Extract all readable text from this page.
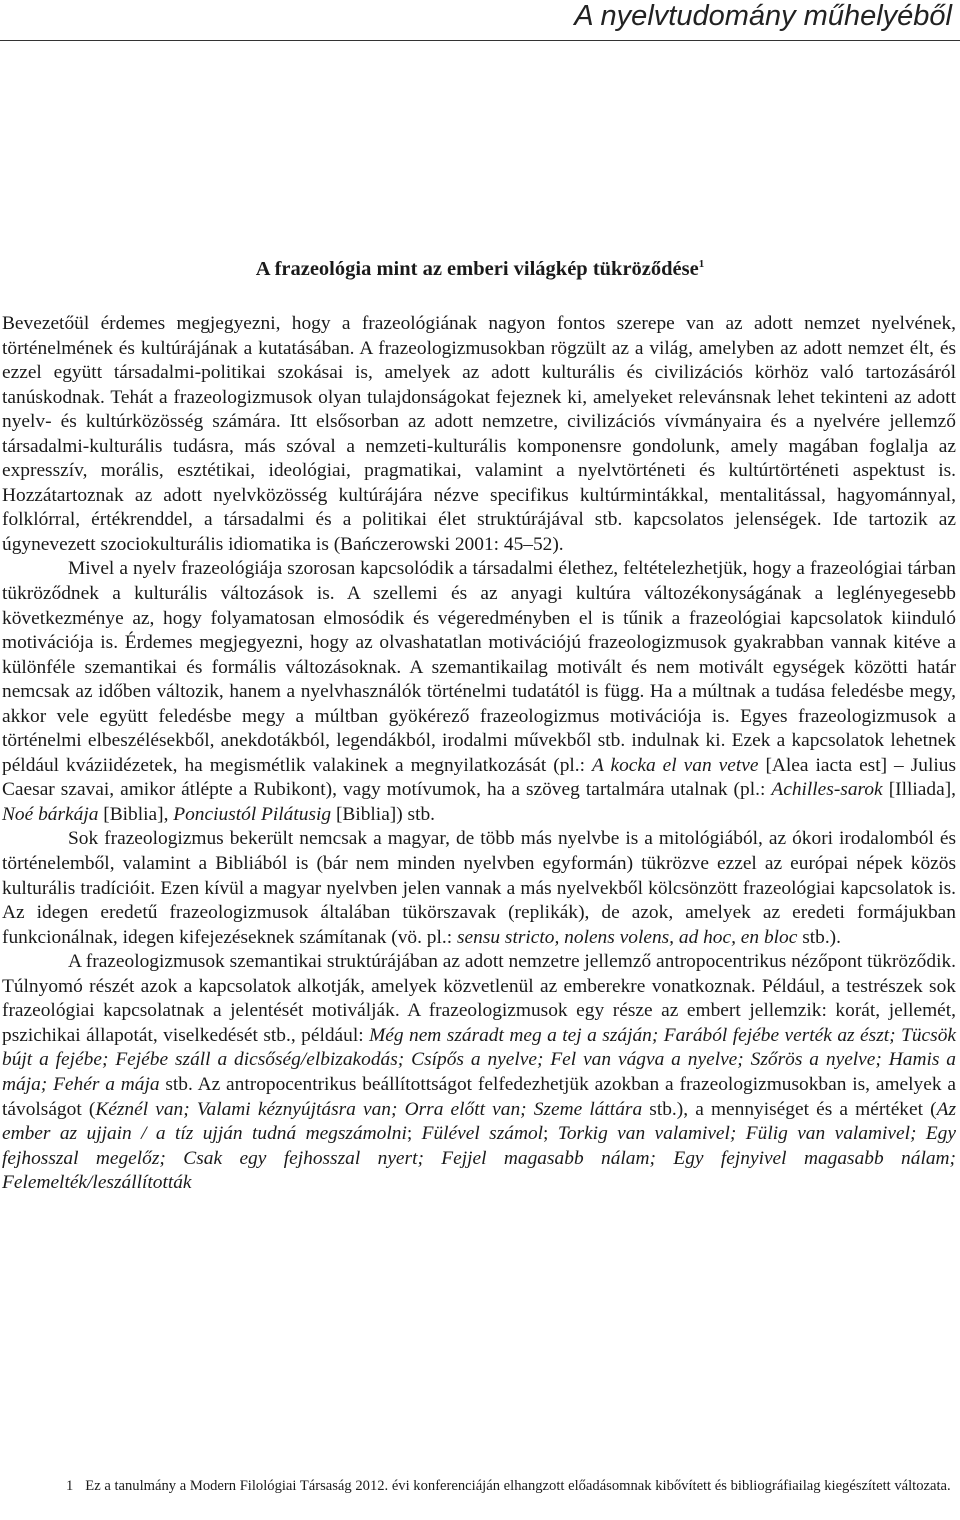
A nyelvtudomány műhelyéből
A frazeológia mint az emberi világkép tükröződése$^1$

Bevezetőül érdemes megjegyezni, hogy a frazeológiának nagyon fontos szerepe van az adott nemzet nyelvének, történelmének és kultúrájának a kutatásában. A frazeologizmusokban rögzült az a világ, amelyben az adott nemzet élt, és ezzel együtt társadalmi-politikai szokásai is, amelyek az adott kulturális és civilizációs körhöz való tartozásáról tanúskodnak. Tehát a frazeologizmusok olyan tulajdonságokat fejeznek ki, amelyeket relevánsnak lehet tekinteni az adott nyelv- és kultúrközösség számára. Itt elsősorban az adott nemzetre, civilizációs vívmányaira és a nyelvére jellemző társadalmi-kulturális tudásra, más szóval a nemzeti-kulturális komponensre gondolunk, amely magában foglalja az expresszív, morális, esztétikai, ideológiai, pragmatikai, valamint a nyelvtörténeti és kultúrtörténeti aspektust is. Hozzátartoznak az adott nyelvközösség kultúrájára nézve specifikus kultúrmintákkal, mentalitással, hagyománnyal, folklórral, értékrenddel, a társadalmi és a politikai élet struktúrájával stb. kapcsolatos jelenségek. Ide tartozik az úgynevezett szociokulturális idiomatika is (Bańczerowski 2001: 45–52).

Mivel a nyelv frazeológiája szorosan kapcsolódik a társadalmi élethez, feltételezhetjük, hogy a frazeológiai tárban tükröződnek a kulturális változások is. A szellemi és az anyagi kultúra változékonyságának a leglényegesebb következménye az, hogy folyamatosan elmosódik és végeredményben el is tűnik a frazeológiai kapcsolatok kiinduló motivációja is. Érdemes megjegyezni, hogy az olvashatatlan motivációjú frazeologizmusok gyakrabban vannak kitéve a különféle szemantikai és formális változásoknak. A szemantikailag motivált és nem motivált egységek közötti határ nemcsak az időben változik, hanem a nyelvhasználók történelmi tudatától is függ. Ha a múltnak a tudása feledésbe megy, akkor vele együtt feledésbe megy a múltban gyökérező frazeologizmus motivációja is. Egyes frazeologizmusok a történelmi elbeszélésekből, anekdotákból, legendákból, irodalmi művekből stb. indulnak ki. Ezek a kapcsolatok lehetnek például kváziidézetek, ha megismétlik valakinek a megnyilatkozását (pl.: A kocka el van vetve [Alea iacta est] – Julius Caesar szavai, amikor átlépte a Rubikont), vagy motívumok, ha a szöveg tartalmára utalnak (pl.: Achilles-sarok [Illiada], Noé bárkája [Biblia], Ponciustól Pilátusig [Biblia]) stb.

Sok frazeologizmus bekerült nemcsak a magyar, de több más nyelvbe is a mitológiából, az ókori irodalomból és történelemből, valamint a Bibliából is (bár nem minden nyelvben egyformán) tükrözve ezzel az európai népek közös kulturális tradícióit. Ezen kívül a magyar nyelvben jelen vannak a más nyelvekből kölcsönzött frazeológiai kapcsolatok is. Az idegen eredetű frazeologizmusok általában tükörszavak (replikák), de azok, amelyek az eredeti formájukban funkcionálnak, idegen kifejezéseknek számítanak (vö. pl.: sensu stricto, nolens volens, ad hoc, en bloc stb.).

A frazeologizmusok szemantikai struktúrájában az adott nemzetre jellemző antropocentrikus nézőpont tükröződik. Túlnyomó részét azok a kapcsolatok alkotják, amelyek közvetlenül az emberekre vonatkoznak. Például, a testrészek sok frazeológiai kapcsolatnak a jelentését motiválják. A frazeologizmusok egy része az embert jellemzik: korát, jellemét, pszichikai állapotát, viselkedését stb., például: Még nem száradt meg a tej a száján; Farából fejébe verték az észt; Tücsök bújt a fejébe; Fejébe száll a dicsőség/elbizakodás; Csípős a nyelve; Fel van vágva a nyelve; Szőrös a nyelve; Hamis a mája; Fehér a mája stb. Az antropocentrikus beállítottságot felfedezhetjük azokban a frazeologizmusokban is, amelyek a távolságot (Kéznél van; Valami kéznyújtásra van; Orra előtt van; Szeme láttára stb.), a mennyiséget és a mértéket (Az ember az ujjain / a tíz ujján tudná megszámolni; Fülével számol; Torkig van valamivel; Fülig van valamivel; Egy fejhosszal megelőz; Csak egy fejhosszal nyert; Fejjel magasabb nálam; Egy fejnyivel magasabb nálam; Felemelték/leszállították

1 Ez a tanulmány a Modern Filológiai Társaság 2012. évi konferenciáján elhangzott előadásomnak kibővített és bibliográfiailag kiegészített változata.
